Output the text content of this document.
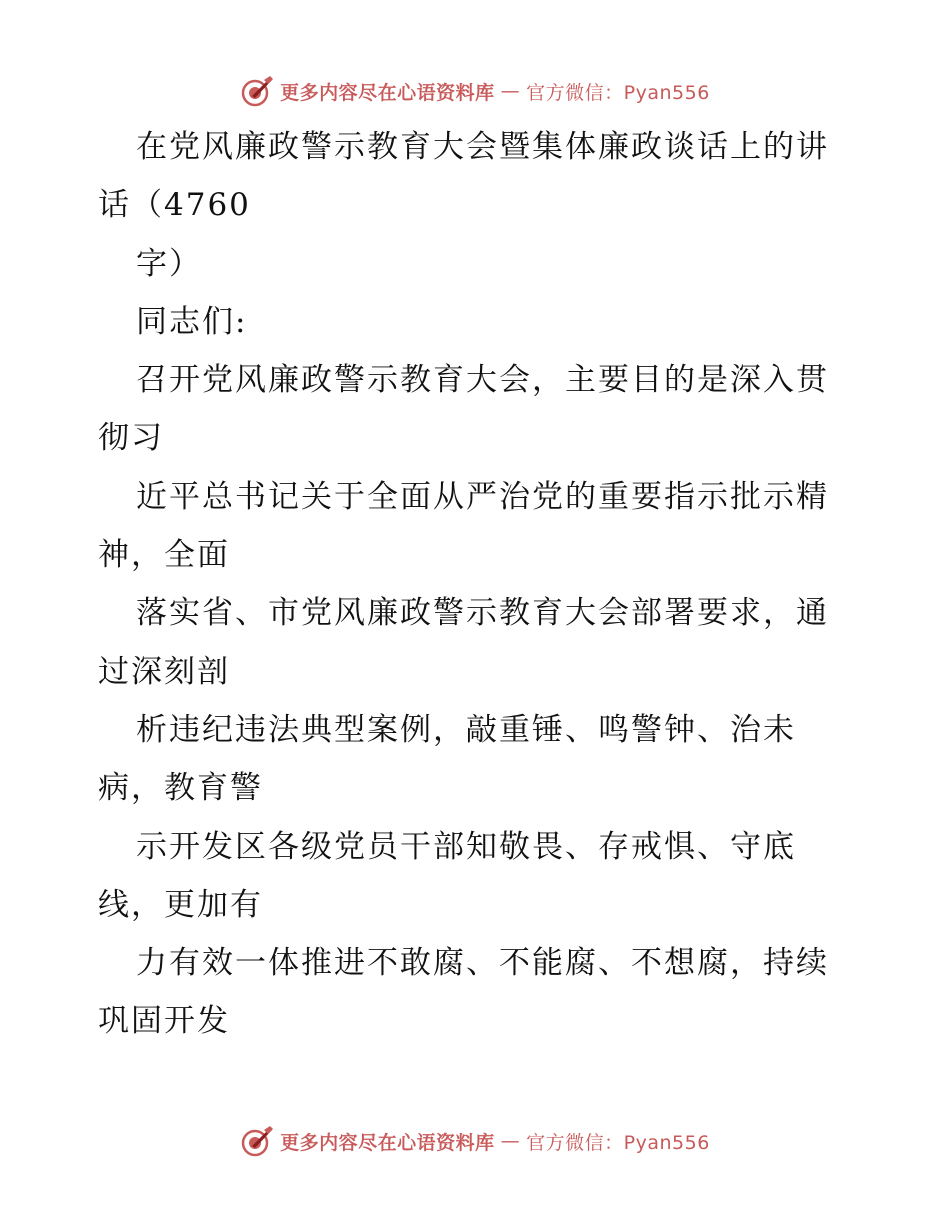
更多内容尽在心语资料库 — 官方微信：Pyan556
在党风廉政警示教育大会暨集体廉政谈话上的讲
话（4760
字）
同志们:
召开党风廉政警示教育大会，主要目的是深入贯
彻习
近平总书记关于全面从严治党的重要指示批示精
神，全面
落实省、市党风廉政警示教育大会部署要求，通
过深刻剖
析违纪违法典型案例，敲重锤、鸣警钟、治未
病，教育警
示开发区各级党员干部知敬畏、存戒惧、守底
线，更加有
力有效一体推进不敢腐、不能腐、不想腐，持续
巩固开发
更多内容尽在心语资料库 — 官方微信：Pyan556
